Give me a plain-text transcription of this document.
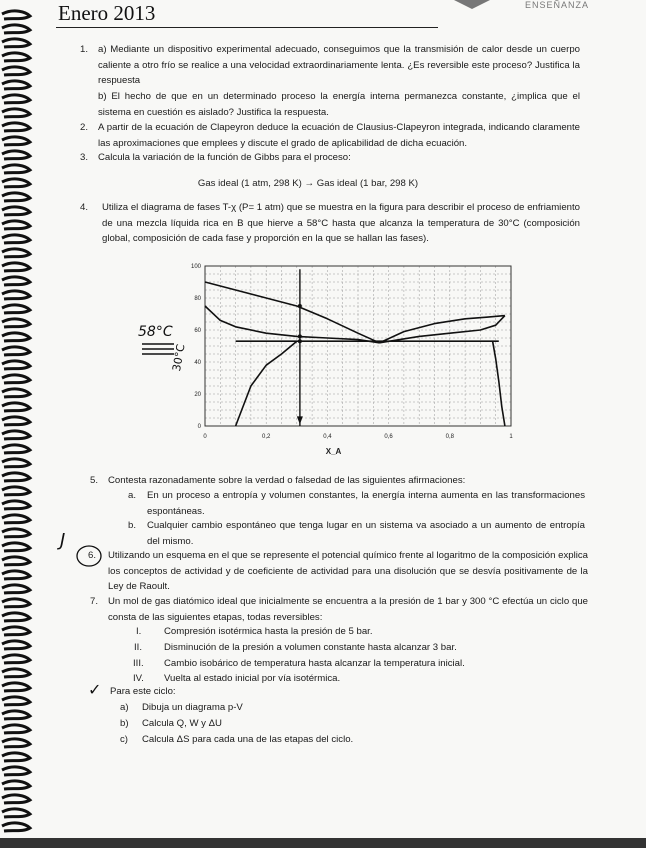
Enero 2013	ENSEÑANZA
1. a) Mediante un dispositivo experimental adecuado, conseguimos que la transmisión de calor desde un cuerpo caliente a otro frío se realice a una velocidad extraordinariamente lenta. ¿Es reversible este proceso? Justifica la respuesta
b) El hecho de que en un determinado proceso la energía interna permanezca constante, ¿implica que el sistema en cuestión es aislado? Justifica la respuesta.
2. A partir de la ecuación de Clapeyron deduce la ecuación de Clausius-Clapeyron integrada, indicando claramente las aproximaciones que emplees y discute el grado de aplicabilidad de dicha ecuación.
3. Calcula la variación de la función de Gibbs para el proceso:
Gas ideal (1 atm, 298 K) → Gas ideal (1 bar, 298 K)
4. Utiliza el diagrama de fases T-χ (P= 1 atm) que se muestra en la figura para describir el proceso de enfriamiento de una mezcla líquida rica en B que hierve a 58°C hasta que alcanza la temperatura de 30°C (composición global, composición de cada fase y proporción en la que se hallan las fases).
0	0,2	0,4	0,6	0,8	1
0
20
40
60
80
100
X_A
58°C
30°C
5. Contesta razonadamente sobre la verdad o falsedad de las siguientes afirmaciones:
a. En un proceso a entropía y volumen constantes, la energía interna aumenta en las transformaciones espontáneas.
b. Cualquier cambio espontáneo que tenga lugar en un sistema va asociado a un aumento de entropía del mismo.
J
6. Utilizando un esquema en el que se represente el potencial químico frente al logaritmo de la composición explica los conceptos de actividad y de coeficiente de actividad para una disolución que se desvía positivamente de la Ley de Raoult.
7. Un mol de gas diatómico ideal que inicialmente se encuentra a la presión de 1 bar y 300 °C efectúa un ciclo que consta de las siguientes etapas, todas reversibles:
I. Compresión isotérmica hasta la presión de 5 bar.
II. Disminución de la presión a volumen constante hasta alcanzar 3 bar.
III. Cambio isobárico de temperatura hasta alcanzar la temperatura inicial.
IV. Vuelta al estado inicial por vía isotérmica.
✓ Para este ciclo:
a) Dibuja un diagrama p-V
b) Calcula Q, W y ΔU
c) Calcula ΔS para cada una de las etapas del ciclo.
